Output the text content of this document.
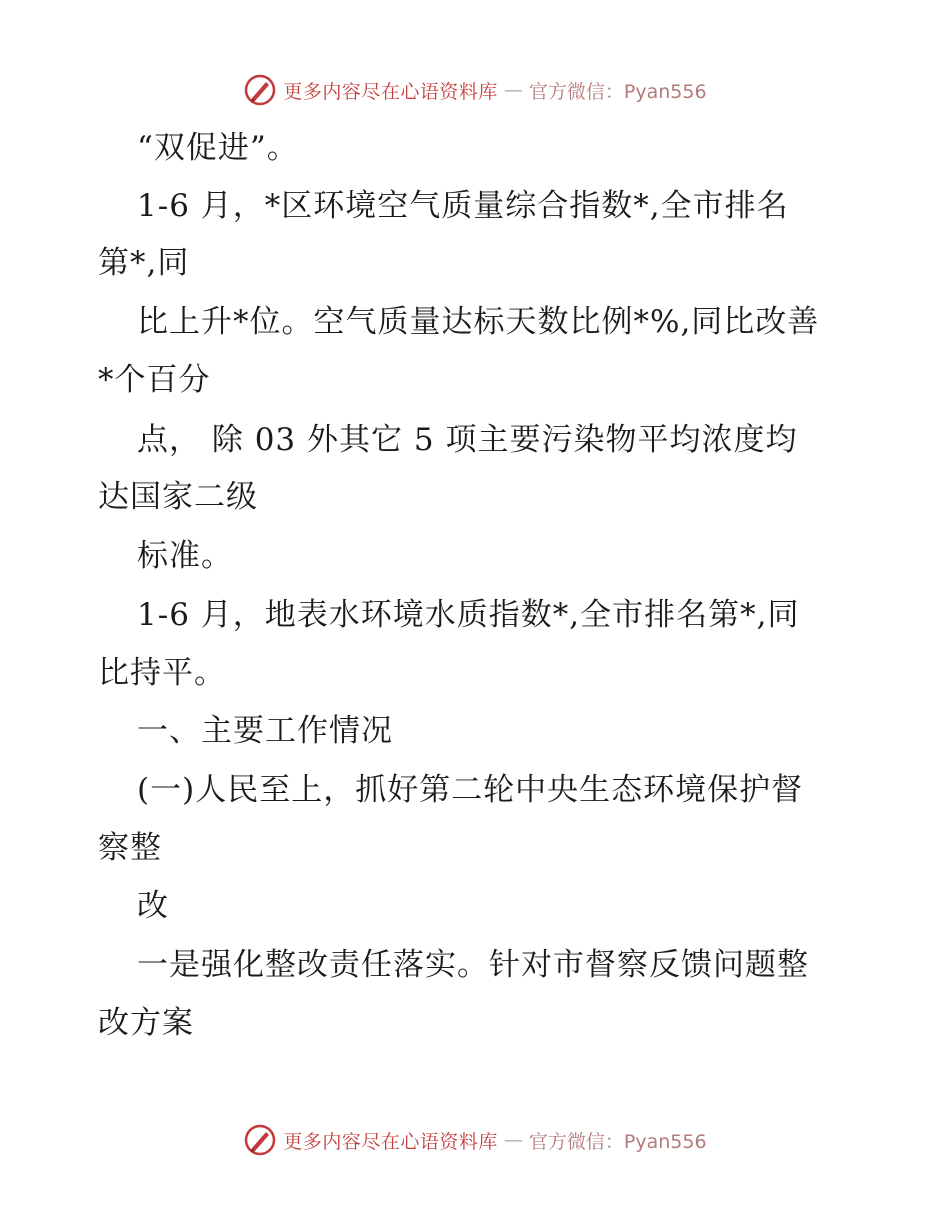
更多内容尽在心语资料库 — 官方微信：Pyan556
“双促进”。
1-6 月，*区环境空气质量综合指数*,全市排名
第*,同
比上升*位。空气质量达标天数比例*%,同比改善
*个百分
点， 除 03 外其它 5 项主要污染物平均浓度均
达国家二级
标准。
1-6 月，地表水环境水质指数*,全市排名第*,同
比持平。
一、主要工作情况
(一)人民至上，抓好第二轮中央生态环境保护督
察整
改
一是强化整改责任落实。针对市督察反馈问题整
改方案
更多内容尽在心语资料库 — 官方微信：Pyan556
